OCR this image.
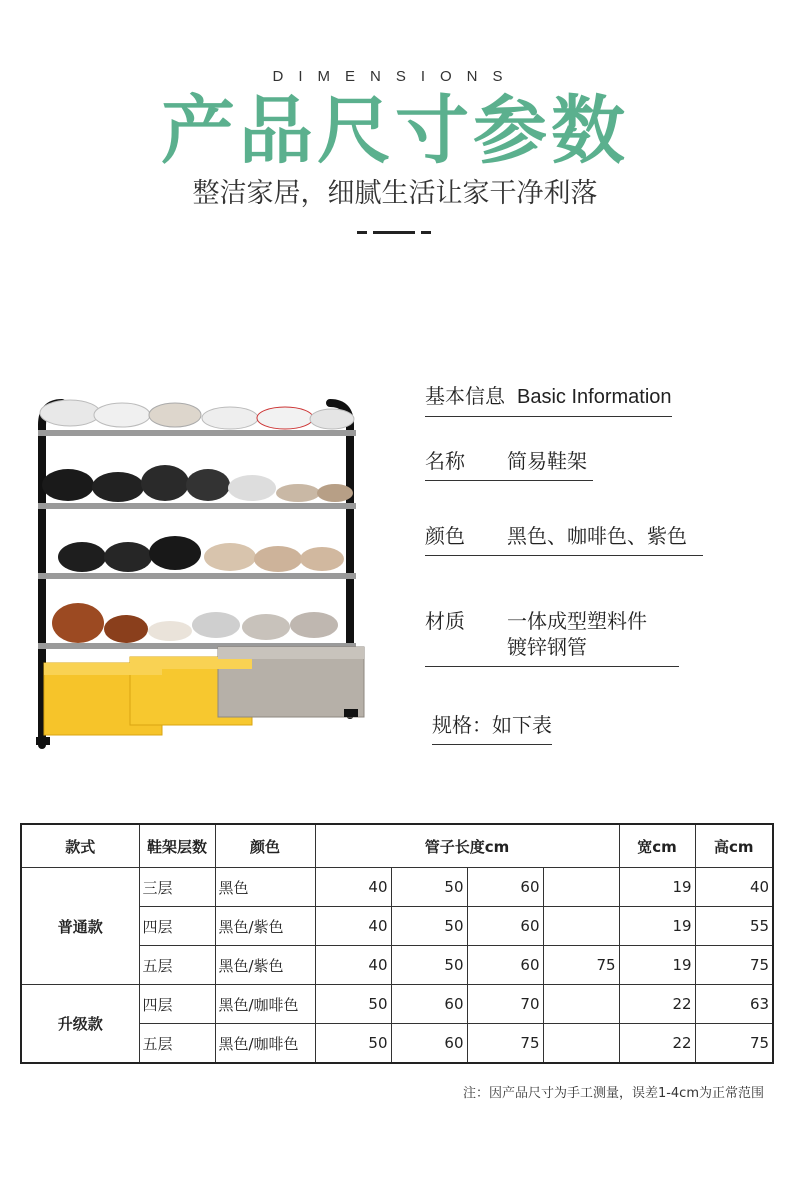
DIMENSIONS
产品尺寸参数
整洁家居，细腻生活让家干净利落
基本信息 Basic Information
名称 简易鞋架
颜色 黑色、咖啡色、紫色
材质 一体成型塑料件
镀锌钢管
规格：如下表
款式	鞋架层数	颜色	管子长度cm				宽cm	高cm
普通款	三层	黑色	40	50	60		19	40
	四层	黑色/紫色	40	50	60		19	55
	五层	黑色/紫色	40	50	60	75	19	75
升级款	四层	黑色/咖啡色	50	60	70		22	63
	五层	黑色/咖啡色	50	60	75		22	75
注：因产品尺寸为手工测量，误差1-4cm为正常范围
